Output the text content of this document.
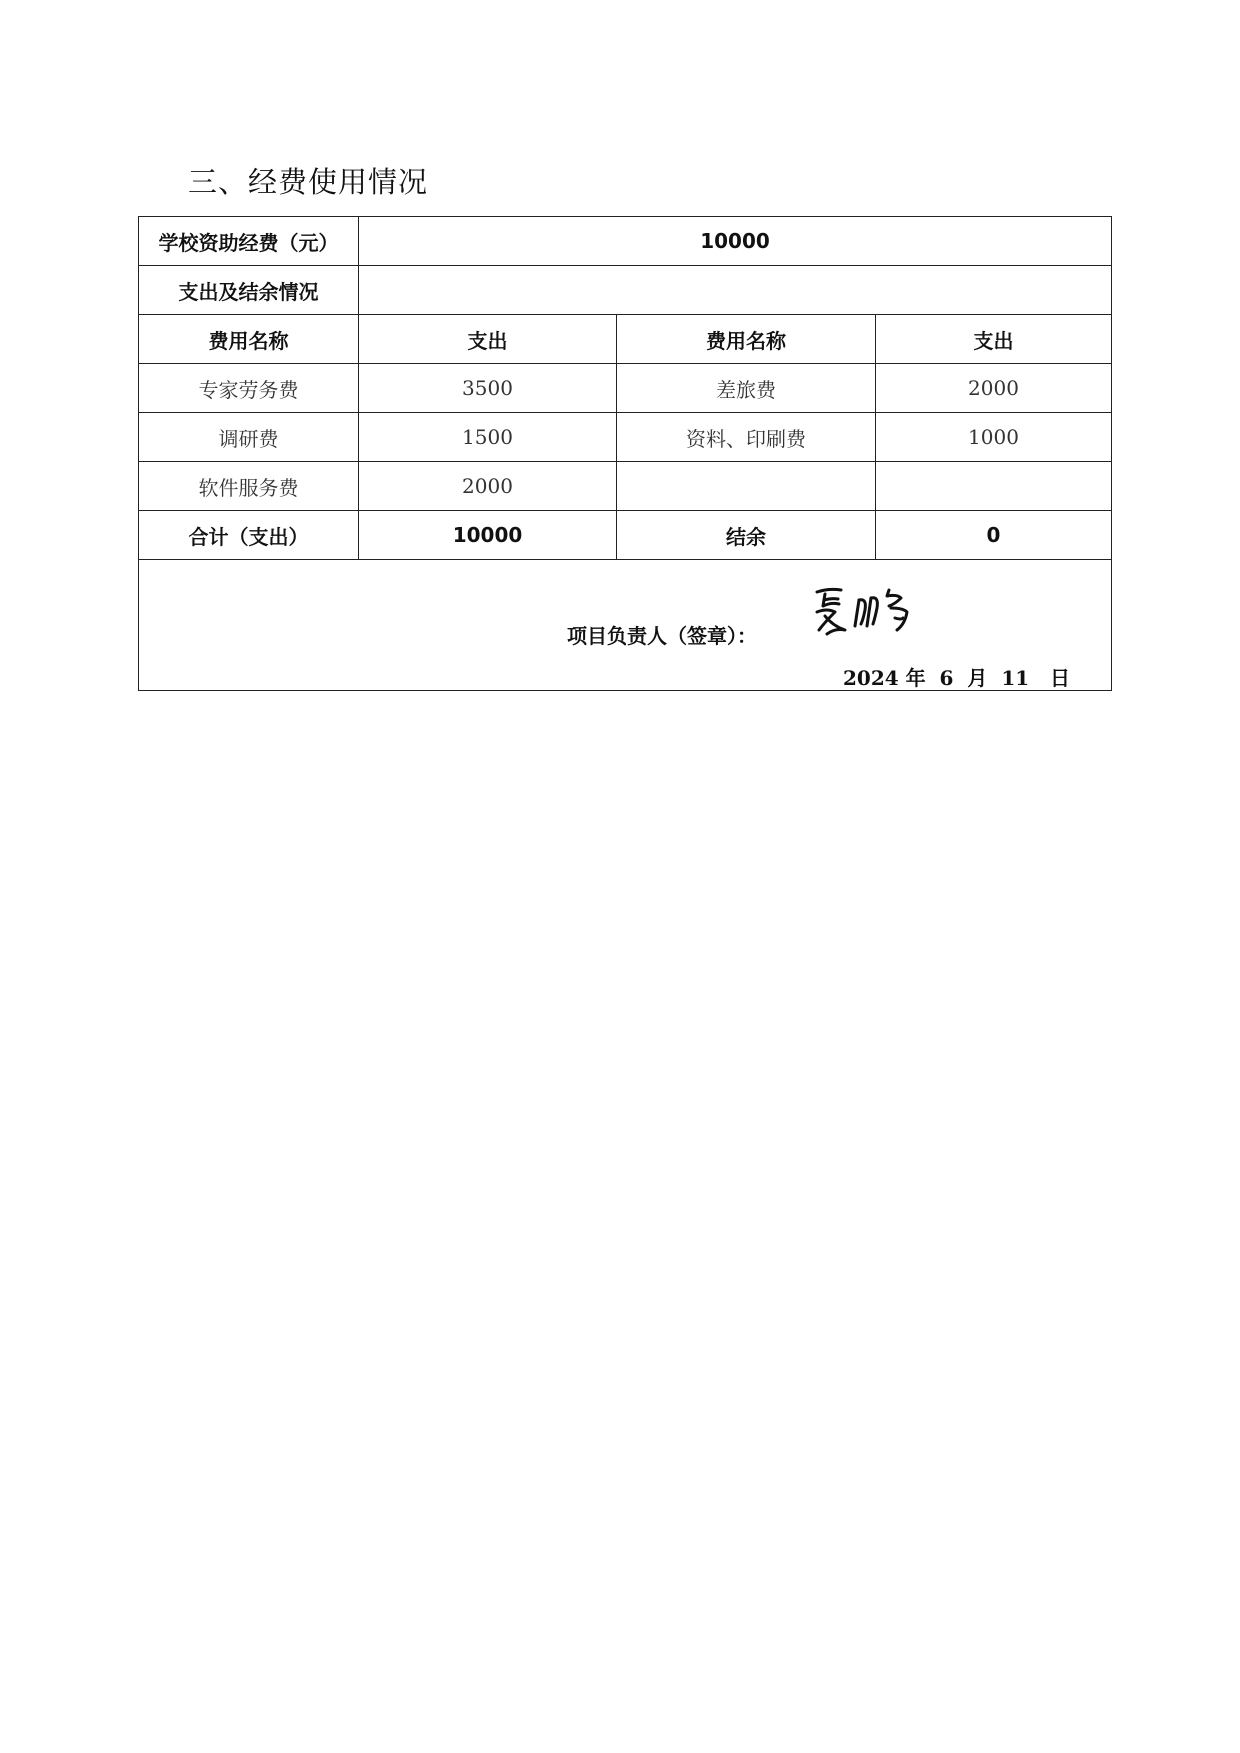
三、经费使用情况
学校资助经费（元）	10000		
支出及结余情况			
费用名称	支出	费用名称	支出
专家劳务费	3500	差旅费	2000
调研费	1500	资料、印刷费	1000
软件服务费	2000		
合计（支出）	10000	结余	0

项目负责人（签章）：
2024 年  6  月  11   日			
